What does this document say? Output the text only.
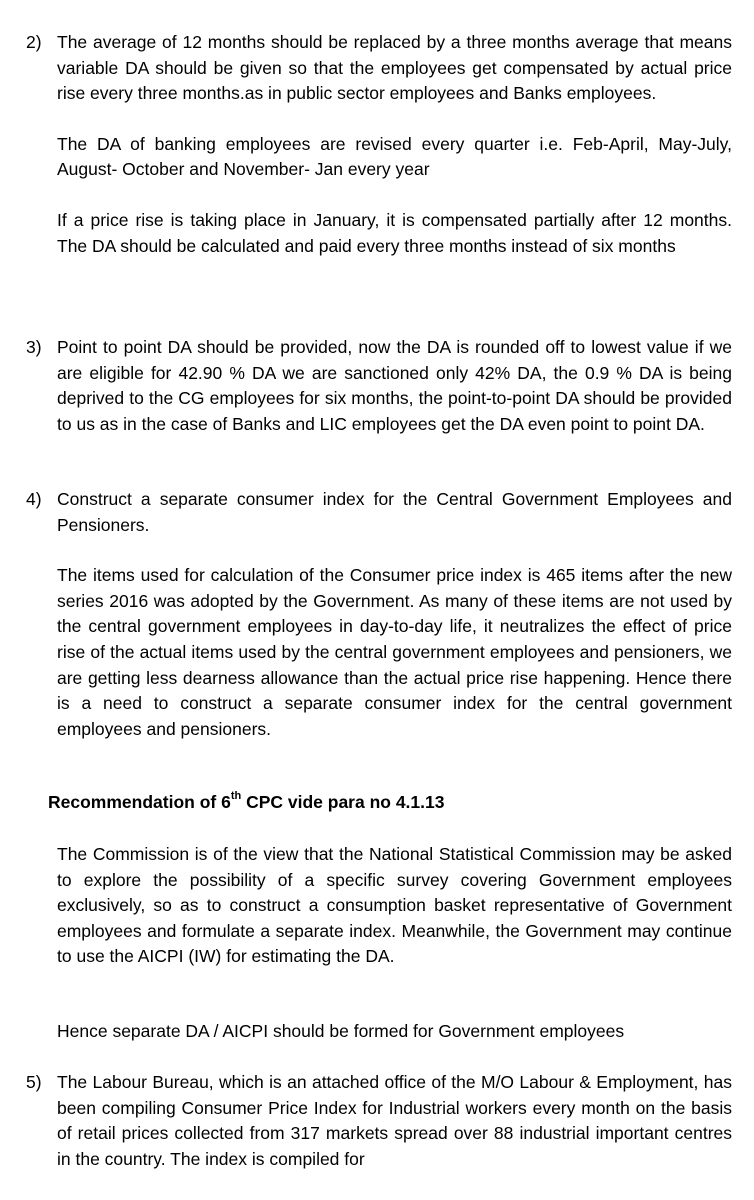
2) The average of 12 months should be replaced by a three months average that means variable DA should be given so that the employees get compensated by actual price rise every three months.as in public sector employees and Banks employees.

The DA of banking employees are revised every quarter i.e. Feb-April, May-July, August- October and November- Jan every year

If a price rise is taking place in January, it is compensated partially after 12 months. The DA should be calculated and paid every three months instead of six months

3) Point to point DA should be provided, now the DA is rounded off to lowest value if we are eligible for 42.90 % DA we are sanctioned only 42% DA, the 0.9 % DA is being deprived to the CG employees for six months, the point-to-point DA should be provided to us as in the case of Banks and LIC employees get the DA even point to point DA.

4) Construct a separate consumer index for the Central Government Employees and Pensioners.

The items used for calculation of the Consumer price index is 465 items after the new series 2016 was adopted by the Government. As many of these items are not used by the central government employees in day-to-day life, it neutralizes the effect of price rise of the actual items used by the central government employees and pensioners, we are getting less dearness allowance than the actual price rise happening. Hence there is a need to construct a separate consumer index for the central government employees and pensioners.

Recommendation of 6th CPC vide para no 4.1.13

The Commission is of the view that the National Statistical Commission may be asked to explore the possibility of a specific survey covering Government employees exclusively, so as to construct a consumption basket representative of Government employees and formulate a separate index. Meanwhile, the Government may continue to use the AICPI (IW) for estimating the DA.

Hence separate DA / AICPI should be formed for Government employees

5) The Labour Bureau, which is an attached office of the M/O Labour & Employment, has been compiling Consumer Price Index for Industrial workers every month on the basis of retail prices collected from 317 markets spread over 88 industrial important centres in the country. The index is compiled for
